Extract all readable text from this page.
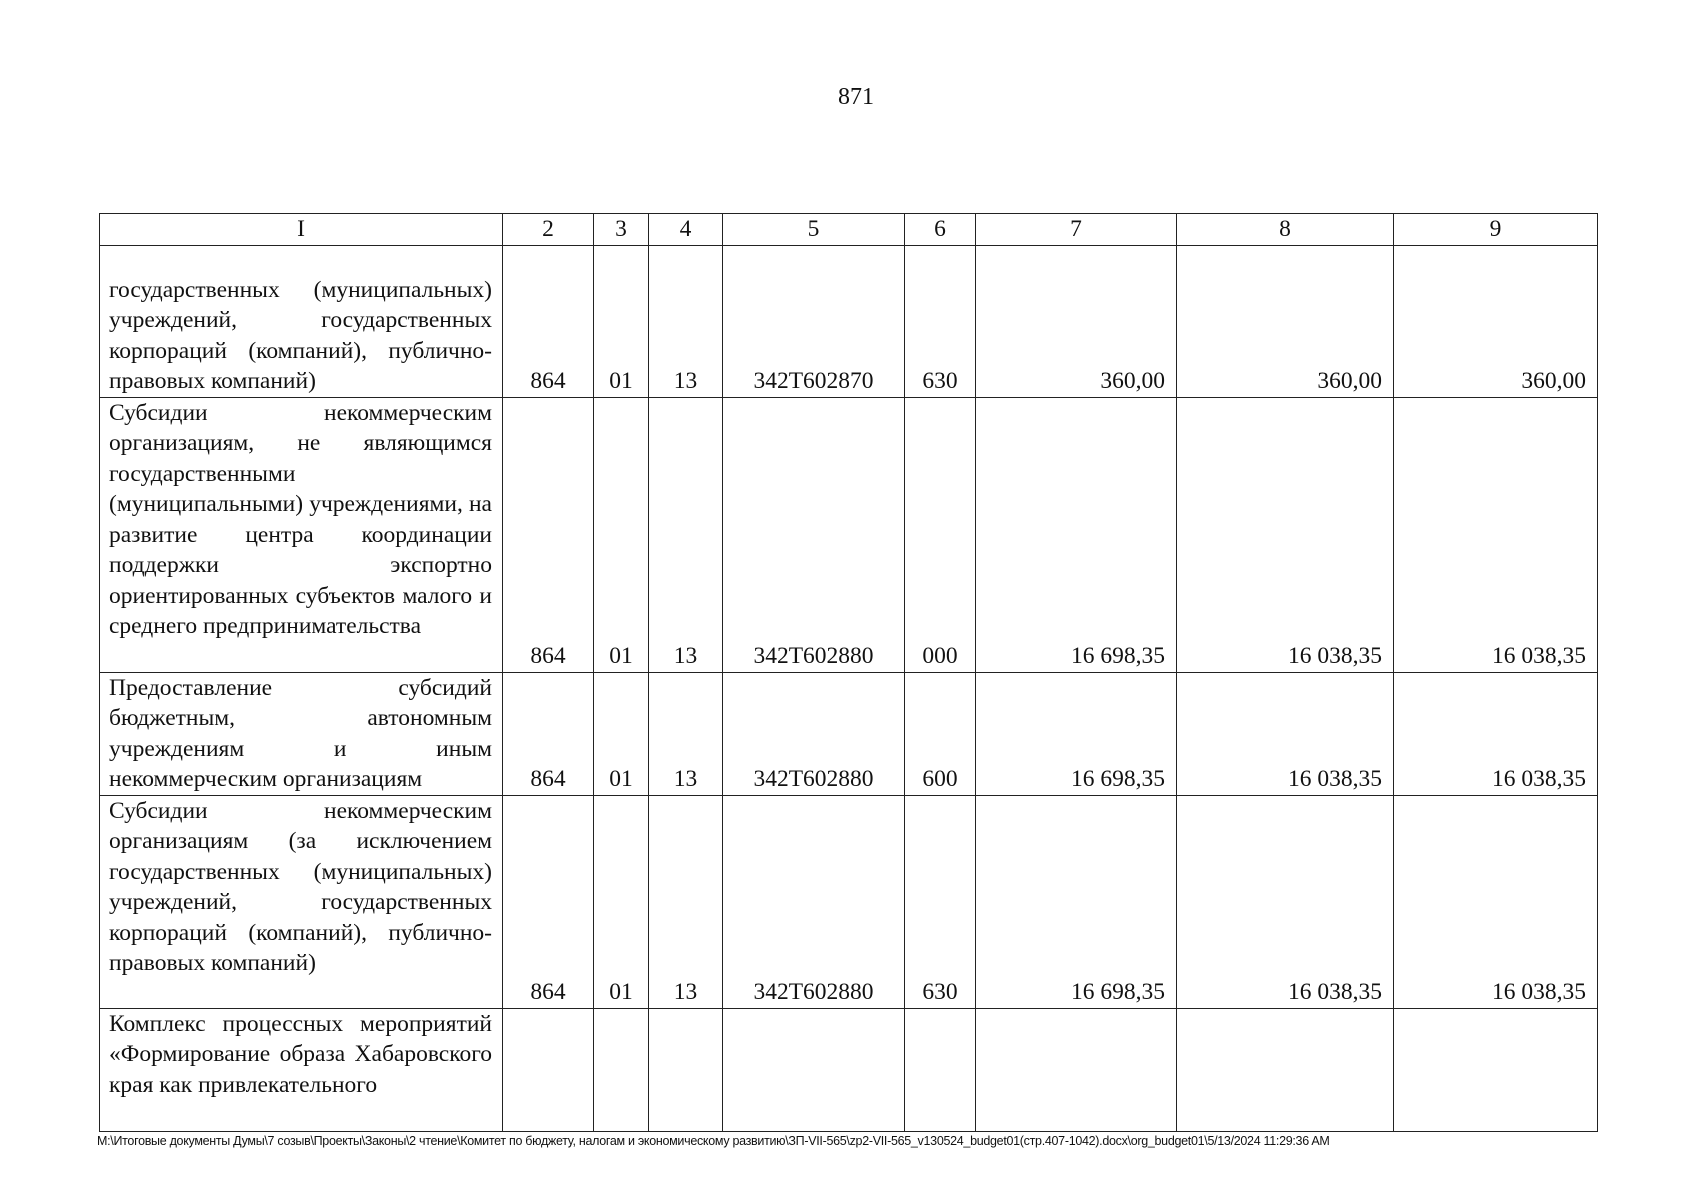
871
I	2	3	4	5	6	7	8	9
государственных (муниципальных) учреждений, государственных корпораций (компаний), публично-правовых компаний)	864	01	13	342Т602870	630	360,00	360,00	360,00
Субсидии некоммерческим организациям, не являющимся государственными (муниципальными) учреждениями, на развитие центра координации поддержки экспортно ориентированных субъектов малого и среднего предпринимательства	864	01	13	342Т602880	000	16 698,35	16 038,35	16 038,35
Предоставление субсидий бюджетным, автономным учреждениям и иным некоммерческим организациям	864	01	13	342Т602880	600	16 698,35	16 038,35	16 038,35
Субсидии некоммерческим организациям (за исключением государственных (муниципальных) учреждений, государственных корпораций (компаний), публично-правовых компаний)	864	01	13	342Т602880	630	16 698,35	16 038,35	16 038,35
Комплекс процессных мероприятий «Формирование образа Хабаровского края как привлекательного								
M:\Итоговые документы Думы\7 созыв\Проекты\Законы\2 чтение\Комитет по бюджету, налогам и экономическому развитию\ЗП-VII-565\zp2-VII-565_v130524_budget01(стр.407-1042).docx\org_budget01\5/13/2024 11:29:36 AM
